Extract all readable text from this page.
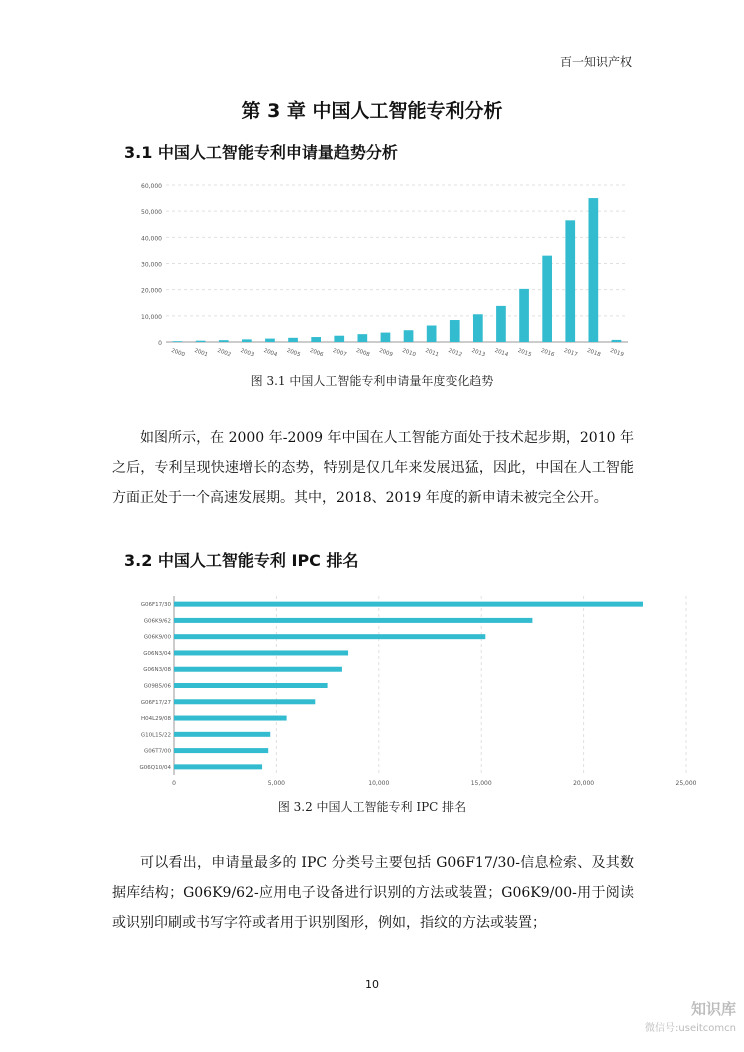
百一知识产权
第 3 章 中国人工智能专利分析
3.1 中国人工智能专利申请量趋势分析
0
10,000
20,000
30,000
40,000
50,000
60,000
2000 2001 2002 2003 2004 2005 2006 2007 2008 2009 2010 2011 2012 2013 2014 2015 2016 2017 2018 2019
图 3.1 中国人工智能专利申请量年度变化趋势
如图所示，在 2000 年-2009 年中国在人工智能方面处于技术起步期，2010 年之后，专利呈现快速增长的态势，特别是仅几年来发展迅猛，因此，中国在人工智能方面正处于一个高速发展期。其中，2018、2019 年度的新申请未被完全公开。
3.2 中国人工智能专利 IPC 排名
0	5,000	10,000	15,000	20,000	25,000
G06F17/30
G06K9/62
G06K9/00
G06N3/04
G06N3/08
G09B5/06
G06F17/27
H04L29/08
G10L15/22
G06T7/00
G06Q10/04
图 3.2 中国人工智能专利 IPC 排名
可以看出，申请量最多的 IPC 分类号主要包括 G06F17/30-信息检索、及其数据库结构；G06K9/62-应用电子设备进行识别的方法或装置；G06K9/00-用于阅读或识别印刷或书写字符或者用于识别图形，例如，指纹的方法或装置；
10
知识库
微信号:useitcomcn
